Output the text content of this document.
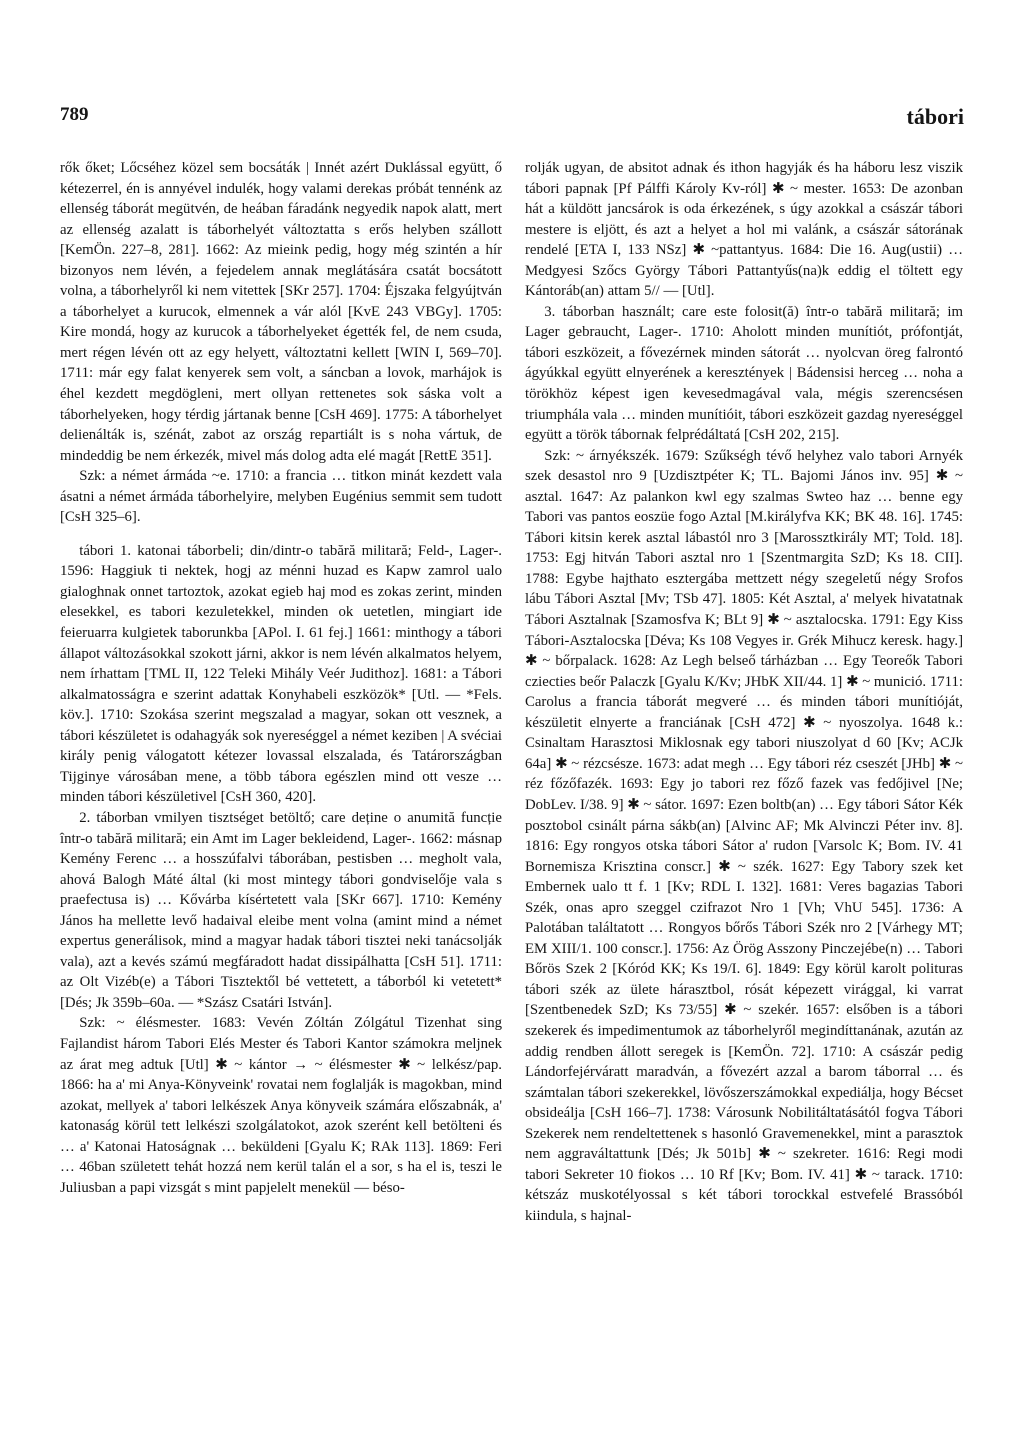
789	tábori

rők őket; Lőcséhez közel sem bocsáták | Innét azért Duklással együtt, ő kétezerrel, én is annyével indulék, hogy valami derekas próbát tennénk az ellenség táborát megütvén, de heában fáradánk negyedik napok alatt, mert az ellenség azalatt is táborhelyét változtatta s erős helyben szállott [KemÖn. 227–8, 281]. 1662: Az mieink pedig, hogy még szintén a hír bizonyos nem lévén, a fejedelem annak meglátására csatát bocsátott volna, a táborhelyről ki nem vitettek [SKr 257]. 1704: Éjszaka felgyújtván a táborhelyet a kurucok, elmennek a vár alól [KvE 243 VBGy]. 1705: Kire mondá, hogy az kurucok a táborhelyeket égették fel, de nem csuda, mert régen lévén ott az egy helyett, változtatni kellett [WIN I, 569–70]. 1711: már egy falat kenyerek sem volt, a sáncban a lovok, marhájok is éhel kezdett megdögleni, mert ollyan rettenetes sok sáska volt a táborhelyeken, hogy térdig jártanak benne [CsH 469]. 1775: A táborhelyet delienálták is, szénát, zabot az ország repartiált is s noha vártuk, de mindeddig be nem érkezék, mivel más dolog adta elé magát [RettE 351].

Szk: a német ármáda ~e. 1710: a francia … titkon minát kezdett vala ásatni a német ármáda táborhelyire, melyben Eugénius semmit sem tudott [CsH 325–6].

tábori 1. katonai táborbeli; din/dintr-o tabără militară; Feld-, Lager-. 1596: Haggiuk ti nektek, hogj az ménni huzad es Kapw zamrol ualo gialoghnak onnet tartoztok, azokat egieb haj mod es zokas zerint, minden elesekkel, es tabori kezuletekkel, minden ok uetetlen, mingiart ide feieruarra kulgietek taborunkba [APol. I. 61 fej.] 1661: minthogy a tábori állapot változásokkal szokott járni, akkor is nem lévén alkalmatos helyem, nem írhattam [TML II, 122 Teleki Mihály Veér Judithoz]. 1681: a Tábori alkalmatosságra e szerint adattak Konyhabeli eszközök* [Utl. — *Fels. köv.]. 1710: Szokása szerint megszalad a magyar, sokan ott vesznek, a tábori készületet is odahagyák sok nyereséggel a német keziben | A svéciai király penig válogatott kétezer lovassal elszalada, és Tatárországban Tijginye városában mene, a több tábora egészlen mind ott vesze … minden tábori készületivel [CsH 360, 420].

2. táborban vmilyen tisztséget betöltő; care deține o anumită funcție într-o tabără militară; ein Amt im Lager bekleidend, Lager-. 1662: másnap Kemény Ferenc … a hosszúfalvi táborában, pestisben … megholt vala, ahová Balogh Máté által (ki most mintegy tábori gondviselője vala s praefectusa is) … Kővárba kísértetett vala [SKr 667]. 1710: Kemény János ha mellette levő hadaival eleibe ment volna (amint mind a német expertus generálisok, mind a magyar hadak tábori tisztei neki tanácsolják vala), azt a kevés számú megfáradott hadat dissipálhatta [CsH 51]. 1711: az Olt Vizéb(e) a Tábori Tisztektől bé vettetett, a táborból ki vetetett* [Dés; Jk 359b–60a. — *Szász Csatári István].

Szk: ~ élésmester. 1683: Vevén Zóltán Zólgátul Tizenhat sing Fajlandist három Tabori Elés Mester és Tabori Kantor számokra meljnek az árat meg adtuk [Utl] ✱ ~ kántor → ~ élésmester ✱ ~ lelkész/pap. 1866: ha a' mi Anya-Könyveink' rovatai nem foglalják is magokban, mind azokat, mellyek a' tabori lelkészek Anya könyveik számára előszabnák, a' katonaság körül tett lelkészi szolgálatokot, azok szerént kell betölteni és … a' Katonai Hatoságnak … beküldeni [Gyalu K; RAk 113]. 1869: Feri … 46ban született tehát hozzá nem kerül talán el a sor, s ha el is, teszi le Juliusban a papi vizsgát s mint papjelelt menekül — béso-

rolják ugyan, de absitot adnak és ithon hagyják és ha háboru lesz viszik tábori papnak [Pf Pálffi Károly Kv-ról] ✱ ~ mester. 1653: De azonban hát a küldött jancsárok is oda érkezének, s úgy azokkal a császár tábori mestere is eljött, és azt a helyet a hol mi valánk, a császár sátorának rendelé [ETA I, 133 NSz] ✱ ~pattantyus. 1684: Die 16. Aug(ustii) … Medgyesi Szőcs György Tábori Pattantyűs(na)k eddig el töltett egy Kántoráb(an) attam 5// — [Utl].

3. táborban használt; care este folosit(ă) într-o tabără militară; im Lager gebraucht, Lager-. 1710: Aholott minden munítiót, prófontját, tábori eszközeit, a fővezérnek minden sátorát … nyolcvan öreg falrontó ágyúkkal együtt elnyerének a keresztények | Bádensisi herceg … noha a törökhöz képest igen kevesedmagával vala, mégis szerencsésen triumphála vala … minden munítióit, tábori eszközeit gazdag nyereséggel együtt a török tábornak felprédáltatá [CsH 202, 215].

Szk: ~ árnyékszék. 1679: Szűkségh tévő helyhez valo tabori Arnyék szek desastol nro 9 [Uzdisztpéter K; TL. Bajomi János inv. 95] ✱ ~ asztal. 1647: Az palankon kwl egy szalmas Swteo haz … benne egy Tabori vas pantos eoszüe fogo Aztal [M.királyfva KK; BK 48. 16]. 1745: Tábori kitsin kerek asztal lábastól nro 3 [Marossztkirály MT; Told. 18]. 1753: Egj hitván Tabori asztal nro 1 [Szentmargita SzD; Ks 18. CII]. 1788: Egybe hajthato esztergába mettzett négy szegeletű négy Srofos lábu Tábori Asztal [Mv; TSb 47]. 1805: Két Asztal, a' melyek hivatatnak Tábori Asztalnak [Szamosfva K; BLt 9] ✱ ~ asztalocska. 1791: Egy Kiss Tábori-Asztalocska [Déva; Ks 108 Vegyes ir. Grék Mihucz keresk. hagy.] ✱ ~ bőrpalack. 1628: Az Legh belseő tárházban … Egy Teoreők Tabori cziecties beőr Palaczk [Gyalu K/Kv; JHbK XII/44. 1] ✱ ~ munició. 1711: Carolus a francia táborát megveré … és minden tábori munítióját, készületit elnyerte a franciának [CsH 472] ✱ ~ nyoszolya. 1648 k.: Csinaltam Harasztosi Miklosnak egy tabori niuszolyat d 60 [Kv; ACJk 64a] ✱ ~ rézcsésze. 1673: adat megh … Egy tábori réz cseszét [JHb] ✱ ~ réz főzőfazék. 1693: Egy jo tabori rez főző fazek vas fedőjivel [Ne; DobLev. I/38. 9] ✱ ~ sátor. 1697: Ezen boltb(an) … Egy tábori Sátor Kék posztobol csinált párna sákb(an) [Alvinc AF; Mk Alvinczi Péter inv. 8]. 1816: Egy rongyos otska tábori Sátor a' rudon [Varsolc K; Bom. IV. 41 Bornemisza Krisztina conscr.] ✱ ~ szék. 1627: Egy Tabory szek ket Embernek ualo tt f. 1 [Kv; RDL I. 132]. 1681: Veres bagazias Tabori Szék, onas apro szeggel czifrazot Nro 1 [Vh; VhU 545]. 1736: A Palotában találtatott … Rongyos bőrős Tábori Szék nro 2 [Várhegy MT; EM XIII/1. 100 conscr.]. 1756: Az Örög Asszony Pinczejébe(n) … Tabori Bőrös Szek 2 [Kóród KK; Ks 19/I. 6]. 1849: Egy körül karolt polituras tábori szék az ülete hárasztbol, rósát képezett virággal, ki varrat [Szentbenedek SzD; Ks 73/55] ✱ ~ szekér. 1657: elsőben is a tábori szekerek és impedimentumok az táborhelyről megindíttanának, azután az addig rendben állott seregek is [KemÖn. 72]. 1710: A császár pedig Lándorfejérváratt maradván, a fővezért azzal a barom táborral … és számtalan tábori szekerekkel, lövőszerszámokkal expediálja, hogy Bécset obsideálja [CsH 166–7]. 1738: Városunk Nobilitáltatásától fogva Tábori Szekerek nem rendeltettenek s hasonló Gravemenekkel, mint a parasztok nem aggraváltattunk [Dés; Jk 501b] ✱ ~ szekreter. 1616: Regi modi tabori Sekreter 10 fiokos … 10 Rf [Kv; Bom. IV. 41] ✱ ~ tarack. 1710: kétszáz muskotélyossal s két tábori torockkal estvefelé Brassóból kiindula, s hajnal-
